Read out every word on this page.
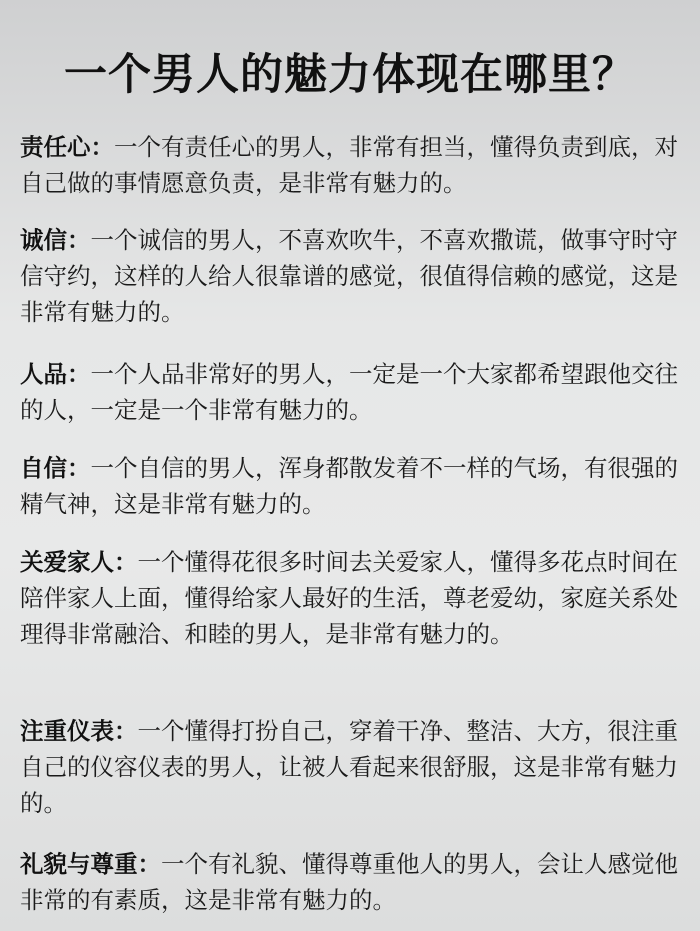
一个男人的魅力体现在哪里？

责任心：一个有责任心的男人，非常有担当，懂得负责到底，对自己做的事情愿意负责，是非常有魅力的。

诚信：一个诚信的男人，不喜欢吹牛，不喜欢撒谎，做事守时守信守约，这样的人给人很靠谱的感觉，很值得信赖的感觉，这是非常有魅力的。

人品：一个人品非常好的男人，一定是一个大家都希望跟他交往的人，一定是一个非常有魅力的。

自信：一个自信的男人，浑身都散发着不一样的气场，有很强的精气神，这是非常有魅力的。

关爱家人：一个懂得花很多时间去关爱家人，懂得多花点时间在陪伴家人上面，懂得给家人最好的生活，尊老爱幼，家庭关系处理得非常融洽、和睦的男人，是非常有魅力的。

注重仪表：一个懂得打扮自己，穿着干净、整洁、大方，很注重自己的仪容仪表的男人，让被人看起来很舒服，这是非常有魅力的。

礼貌与尊重：一个有礼貌、懂得尊重他人的男人，会让人感觉他非常的有素质，这是非常有魅力的。
